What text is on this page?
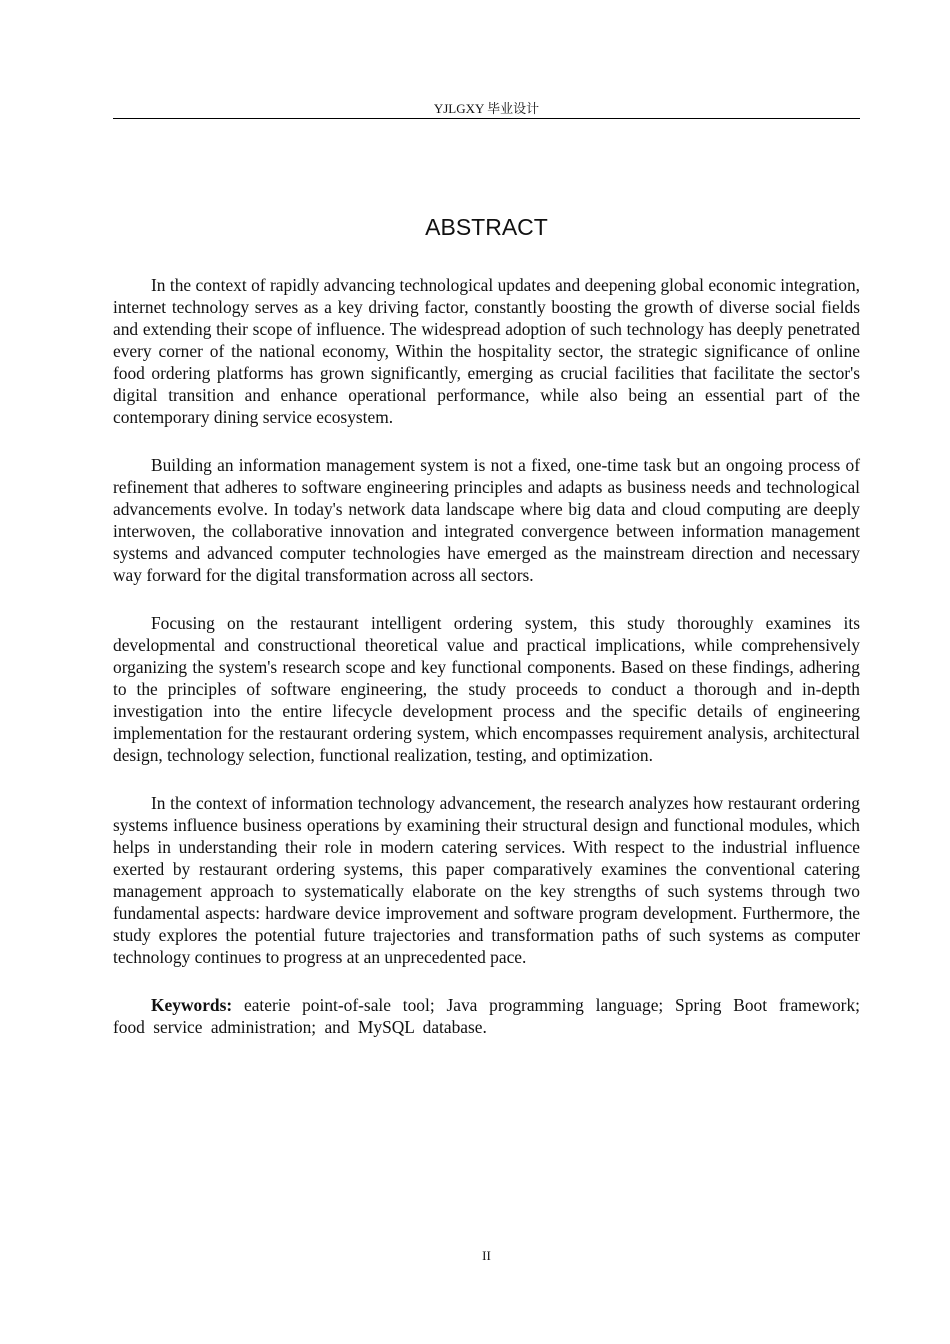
YJLGXY 毕业设计
ABSTRACT

In the context of rapidly advancing technological updates and deepening global economic integration, internet technology serves as a key driving factor, constantly boosting the growth of diverse social fields and extending their scope of influence. The widespread adoption of such technology has deeply penetrated every corner of the national economy, Within the hospitality sector, the strategic significance of online food ordering platforms has grown significantly, emerging as crucial facilities that facilitate the sector's digital transition and enhance operational performance, while also being an essential part of the contemporary dining service ecosystem.

Building an information management system is not a fixed, one-time task but an ongoing process of refinement that adheres to software engineering principles and adapts as business needs and technological advancements evolve. In today's network data landscape where big data and cloud computing are deeply interwoven, the collaborative innovation and integrated convergence between information management systems and advanced computer technologies have emerged as the mainstream direction and necessary way forward for the digital transformation across all sectors.

Focusing on the restaurant intelligent ordering system, this study thoroughly examines its developmental and constructional theoretical value and practical implications, while comprehensively organizing the system's research scope and key functional components. Based on these findings, adhering to the principles of software engineering, the study proceeds to conduct a thorough and in-depth investigation into the entire lifecycle development process and the specific details of engineering implementation for the restaurant ordering system, which encompasses requirement analysis, architectural design, technology selection, functional realization, testing, and optimization.

In the context of information technology advancement, the research analyzes how restaurant ordering systems influence business operations by examining their structural design and functional modules, which helps in understanding their role in modern catering services. With respect to the industrial influence exerted by restaurant ordering systems, this paper comparatively examines the conventional catering management approach to systematically elaborate on the key strengths of such systems through two fundamental aspects: hardware device improvement and software program development. Furthermore, the study explores the potential future trajectories and transformation paths of such systems as computer technology continues to progress at an unprecedented pace.

Keywords: eaterie point-of-sale tool; Java programming language; Spring Boot framework; food service administration; and MySQL database.

II
